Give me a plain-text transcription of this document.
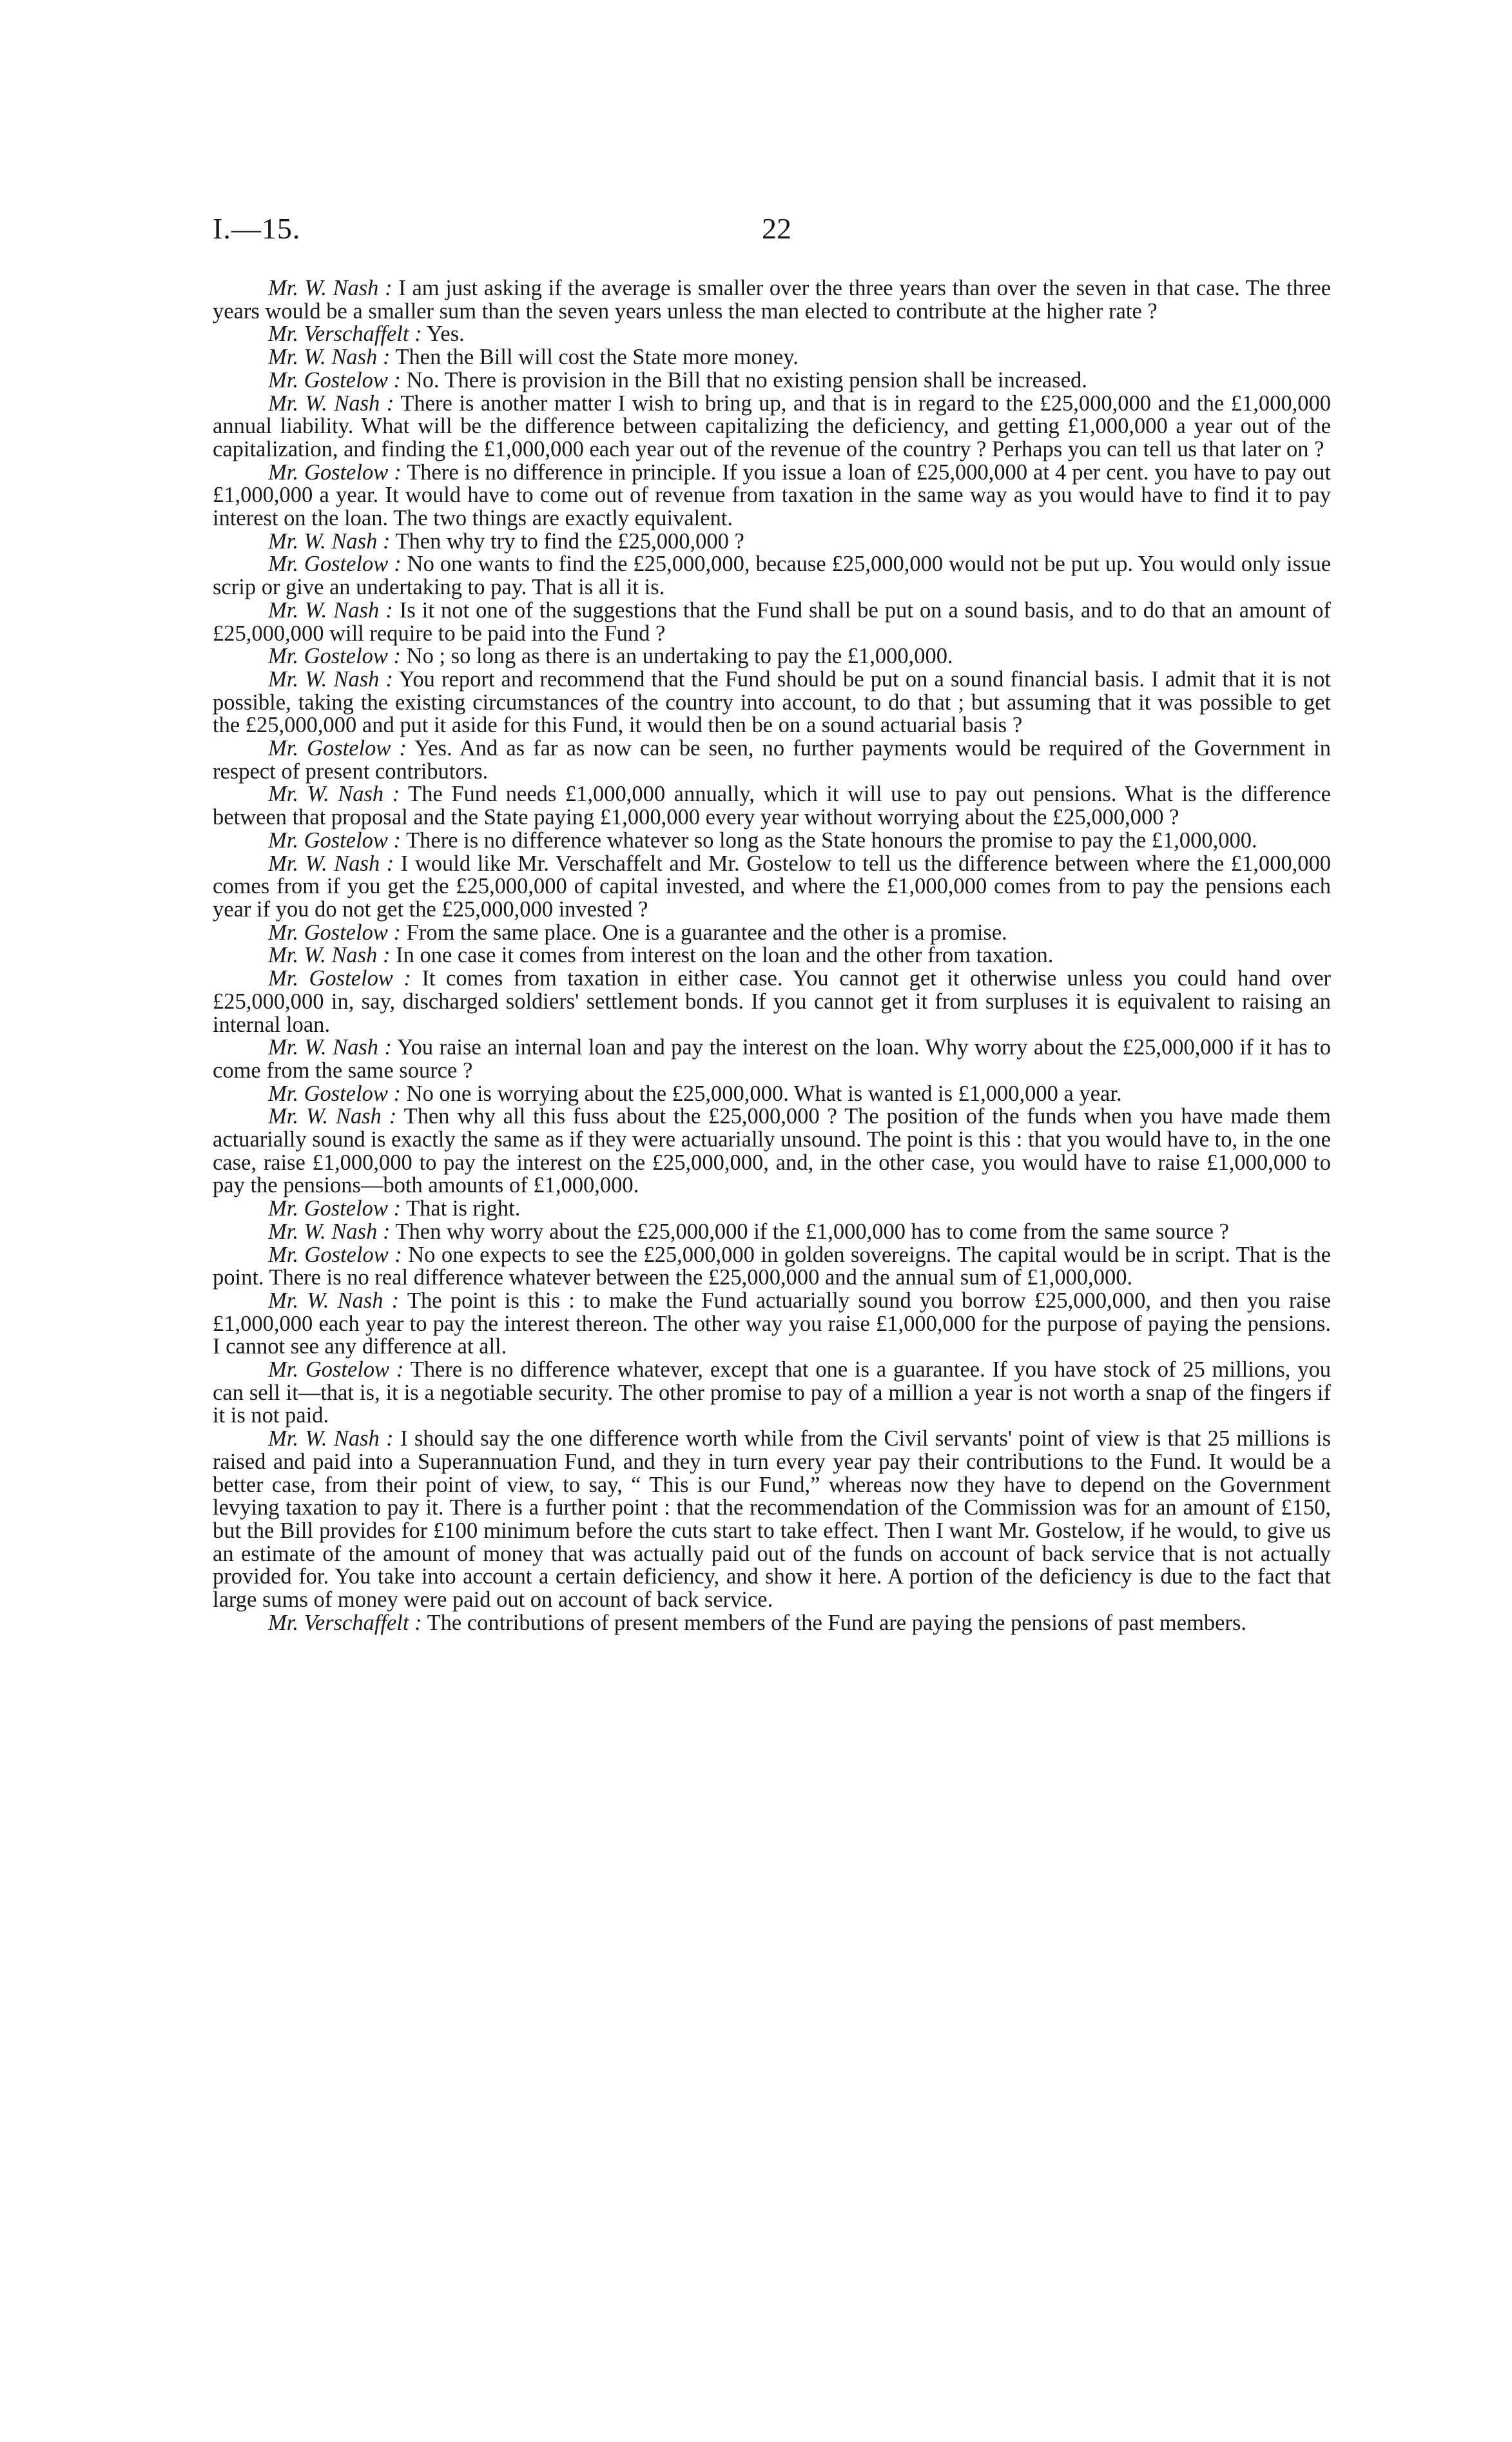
I.—15.	22

Mr. W. Nash : I am just asking if the average is smaller over the three years than over the seven in that case. The three years would be a smaller sum than the seven years unless the man elected to contribute at the higher rate ?

Mr. Verschaffelt : Yes.

Mr. W. Nash : Then the Bill will cost the State more money.

Mr. Gostelow : No. There is provision in the Bill that no existing pension shall be increased.

Mr. W. Nash : There is another matter I wish to bring up, and that is in regard to the £25,000,000 and the £1,000,000 annual liability. What will be the difference between capitalizing the deficiency, and getting £1,000,000 a year out of the capitalization, and finding the £1,000,000 each year out of the revenue of the country ? Perhaps you can tell us that later on ?

Mr. Gostelow : There is no difference in principle. If you issue a loan of £25,000,000 at 4 per cent. you have to pay out £1,000,000 a year. It would have to come out of revenue from taxation in the same way as you would have to find it to pay interest on the loan. The two things are exactly equivalent.

Mr. W. Nash : Then why try to find the £25,000,000 ?

Mr. Gostelow : No one wants to find the £25,000,000, because £25,000,000 would not be put up. You would only issue scrip or give an undertaking to pay. That is all it is.

Mr. W. Nash : Is it not one of the suggestions that the Fund shall be put on a sound basis, and to do that an amount of £25,000,000 will require to be paid into the Fund ?

Mr. Gostelow : No ; so long as there is an undertaking to pay the £1,000,000.

Mr. W. Nash : You report and recommend that the Fund should be put on a sound financial basis. I admit that it is not possible, taking the existing circumstances of the country into account, to do that ; but assuming that it was possible to get the £25,000,000 and put it aside for this Fund, it would then be on a sound actuarial basis ?

Mr. Gostelow : Yes. And as far as now can be seen, no further payments would be required of the Government in respect of present contributors.

Mr. W. Nash : The Fund needs £1,000,000 annually, which it will use to pay out pensions. What is the difference between that proposal and the State paying £1,000,000 every year without worrying about the £25,000,000 ?

Mr. Gostelow : There is no difference whatever so long as the State honours the promise to pay the £1,000,000.

Mr. W. Nash : I would like Mr. Verschaffelt and Mr. Gostelow to tell us the difference between where the £1,000,000 comes from if you get the £25,000,000 of capital invested, and where the £1,000,000 comes from to pay the pensions each year if you do not get the £25,000,000 invested ?

Mr. Gostelow : From the same place. One is a guarantee and the other is a promise.

Mr. W. Nash : In one case it comes from interest on the loan and the other from taxation.

Mr. Gostelow : It comes from taxation in either case. You cannot get it otherwise unless you could hand over £25,000,000 in, say, discharged soldiers' settlement bonds. If you cannot get it from surpluses it is equivalent to raising an internal loan.

Mr. W. Nash : You raise an internal loan and pay the interest on the loan. Why worry about the £25,000,000 if it has to come from the same source ?

Mr. Gostelow : No one is worrying about the £25,000,000. What is wanted is £1,000,000 a year.

Mr. W. Nash : Then why all this fuss about the £25,000,000 ? The position of the funds when you have made them actuarially sound is exactly the same as if they were actuarially unsound. The point is this : that you would have to, in the one case, raise £1,000,000 to pay the interest on the £25,000,000, and, in the other case, you would have to raise £1,000,000 to pay the pensions—both amounts of £1,000,000.

Mr. Gostelow : That is right.

Mr. W. Nash : Then why worry about the £25,000,000 if the £1,000,000 has to come from the same source ?

Mr. Gostelow : No one expects to see the £25,000,000 in golden sovereigns. The capital would be in script. That is the point. There is no real difference whatever between the £25,000,000 and the annual sum of £1,000,000.

Mr. W. Nash : The point is this : to make the Fund actuarially sound you borrow £25,000,000, and then you raise £1,000,000 each year to pay the interest thereon. The other way you raise £1,000,000 for the purpose of paying the pensions. I cannot see any difference at all.

Mr. Gostelow : There is no difference whatever, except that one is a guarantee. If you have stock of 25 millions, you can sell it—that is, it is a negotiable security. The other promise to pay of a million a year is not worth a snap of the fingers if it is not paid.

Mr. W. Nash : I should say the one difference worth while from the Civil servants' point of view is that 25 millions is raised and paid into a Superannuation Fund, and they in turn every year pay their contributions to the Fund. It would be a better case, from their point of view, to say, “ This is our Fund,” whereas now they have to depend on the Government levying taxation to pay it. There is a further point : that the recommendation of the Commission was for an amount of £150, but the Bill provides for £100 minimum before the cuts start to take effect. Then I want Mr. Gostelow, if he would, to give us an estimate of the amount of money that was actually paid out of the funds on account of back service that is not actually provided for. You take into account a certain deficiency, and show it here. A portion of the deficiency is due to the fact that large sums of money were paid out on account of back service.

Mr. Verschaffelt : The contributions of present members of the Fund are paying the pensions of past members.
